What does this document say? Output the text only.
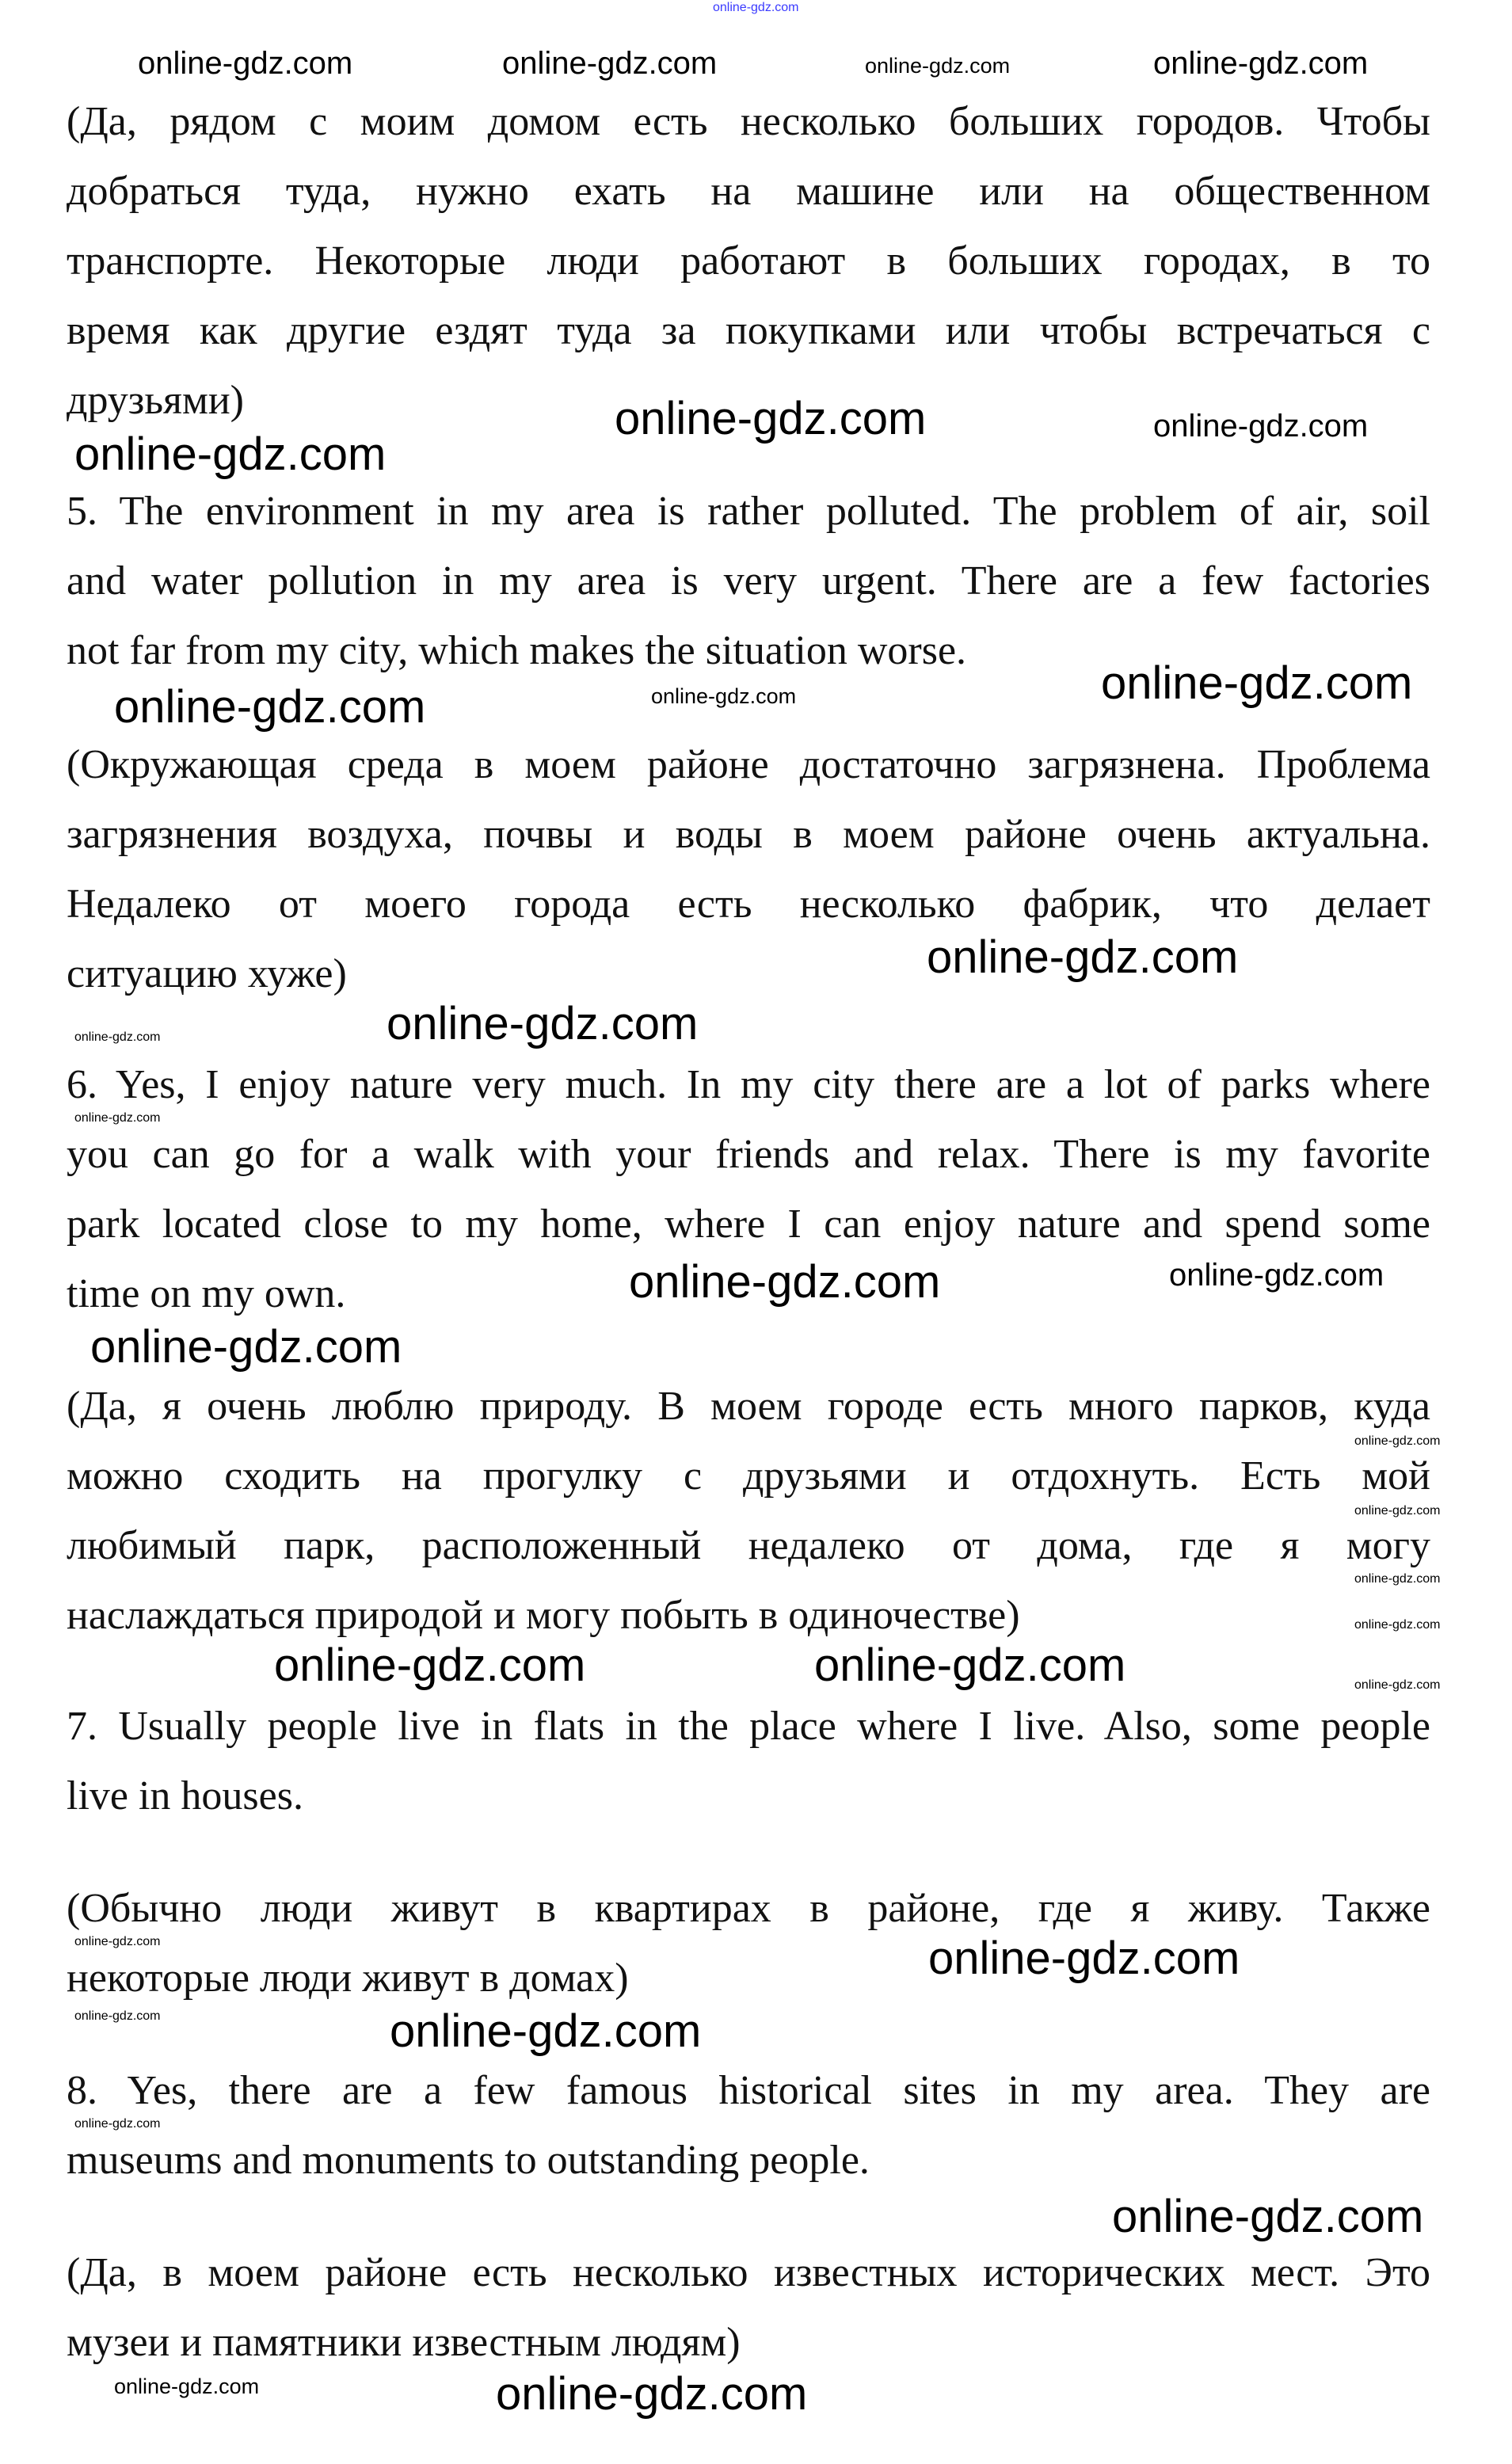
(Да, рядом с моим домом есть несколько больших городов. Чтобы
добраться туда, нужно ехать на машине или на общественном
транспорте. Некоторые люди работают в больших городах, в то
время как другие ездят туда за покупками или чтобы встречаться с
друзьями)
5. The environment in my area is rather polluted. The problem of air, soil
and water pollution in my area is very urgent. There are a few factories
not far from my city, which makes the situation worse.
(Окружающая среда в моем районе достаточно загрязнена. Проблема
загрязнения воздуха, почвы и воды в моем районе очень актуальна.
Недалеко от моего города есть несколько фабрик, что делает
ситуацию хуже)
6. Yes, I enjoy nature very much. In my city there are a lot of parks where
you can go for a walk with your friends and relax. There is my favorite
park located close to my home, where I can enjoy nature and spend some
time on my own.
(Да, я очень люблю природу. В моем городе есть много парков, куда
можно сходить на прогулку с друзьями и отдохнуть. Есть мой
любимый парк, расположенный недалеко от дома, где я могу
наслаждаться природой и могу побыть в одиночестве)
7. Usually people live in flats in the place where I live. Also, some people
live in houses.
(Обычно люди живут в квартирах в районе, где я живу. Также
некоторые люди живут в домах)
8. Yes, there are a few famous historical sites in my area. They are
museums and monuments to outstanding people.
(Да, в моем районе есть несколько известных исторических мест. Это
музеи и памятники известным людям)
online-gdz.com
online-gdz.com	online-gdz.com	online-gdz.com	online-gdz.com
online-gdz.com	online-gdz.com
online-gdz.com
online-gdz.com
online-gdz.com
online-gdz.com
online-gdz.com
online-gdz.com
online-gdz.com
online-gdz.com
online-gdz.com	online-gdz.com
online-gdz.com
online-gdz.com
online-gdz.com
online-gdz.com
online-gdz.com
online-gdz.com
online-gdz.com	online-gdz.com
online-gdz.com
online-gdz.com
online-gdz.com
online-gdz.com
online-gdz.com
online-gdz.com
online-gdz.com
online-gdz.com
